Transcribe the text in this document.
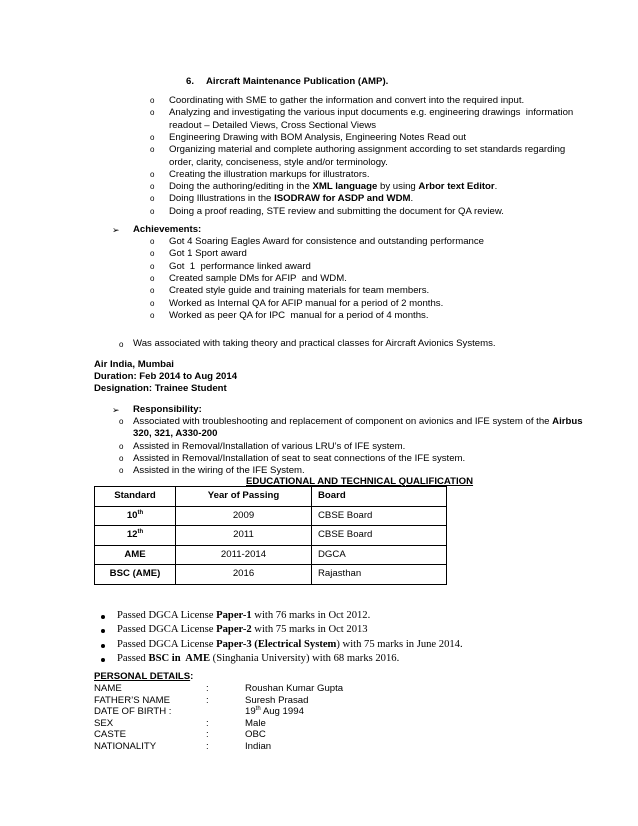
6. Aircraft Maintenance Publication (AMP).
o Coordinating with SME to gather the information and convert into the required input.
o Analyzing and investigating the various input documents e.g. engineering drawings  information
readout – Detailed Views, Cross Sectional Views
o Engineering Drawing with BOM Analysis, Engineering Notes Read out
o Organizing material and complete authoring assignment according to set standards regarding
order, clarity, conciseness, style and/or terminology.
o Creating the illustration markups for illustrators.
o Doing the authoring/editing in the XML language by using Arbor text Editor.
o Doing Illustrations in the ISODRAW for ASDP and WDM.
o Doing a proof reading, STE review and submitting the document for QA review.
➢ Achievements:
o Got 4 Soaring Eagles Award for consistence and outstanding performance
o Got 1 Sport award
o Got  1  performance linked award
o Created sample DMs for AFIP  and WDM.
o Created style guide and training materials for team members.
o Worked as Internal QA for AFIP manual for a period of 2 months.
o Worked as peer QA for IPC  manual for a period of 4 months.
o Was associated with taking theory and practical classes for Aircraft Avionics Systems.
Air India, Mumbai
Duration: Feb 2014 to Aug 2014
Designation: Trainee Student
➢ Responsibility:
o Associated with troubleshooting and replacement of component on avionics and IFE system of the Airbus
320, 321, A330-200
o Assisted in Removal/Installation of various LRU’s of IFE system.
o Assisted in Removal/Installation of seat to seat connections of the IFE system.
o Assisted in the wiring of the IFE System.
EDUCATIONAL AND TECHNICAL QUALIFICATION
Standard	Year of Passing	Board
10th	2009	CBSE Board
12th	2011	CBSE Board
AME	2011-2014	DGCA
BSC (AME)	2016	Rajasthan
Passed DGCA License Paper-1 with 76 marks in Oct 2012.
Passed DGCA License Paper-2 with 75 marks in Oct 2013
Passed DGCA License Paper-3 (Electrical System) with 75 marks in June 2014.
Passed BSC in  AME (Singhania University) with 68 marks 2016.
PERSONAL DETAILS:
NAME	:	Roushan Kumar Gupta
FATHER’S NAME	:	Suresh Prasad
DATE OF BIRTH :	19th Aug 1994
SEX	:	Male
CASTE	:	OBC
NATIONALITY	:	Indian
